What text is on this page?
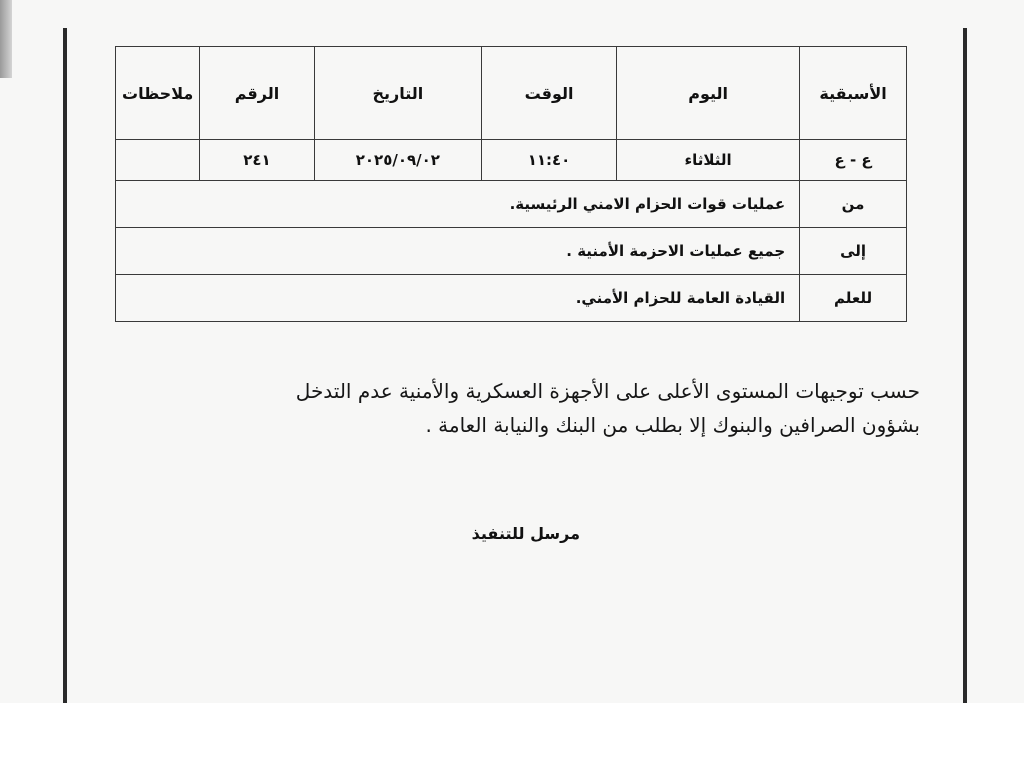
الأسبقية	اليوم	الوقت	التاريخ	الرقم	ملاحظات
ع - ع	الثلاثاء	١١:٤٠	٢٠٢٥/٠٩/٠٢	٢٤١	
من	عمليات قوات الحزام الامني الرئيسية.				
إلى	جميع عمليات الاحزمة الأمنية .				
للعلم	القيادة العامة للحزام الأمني.				
حسب توجيهات المستوى الأعلى على الأجهزة العسكرية والأمنية عدم التدخل
بشؤون الصرافين والبنوك إلا بطلب من البنك والنيابة العامة .
مرسل للتنفيذ
